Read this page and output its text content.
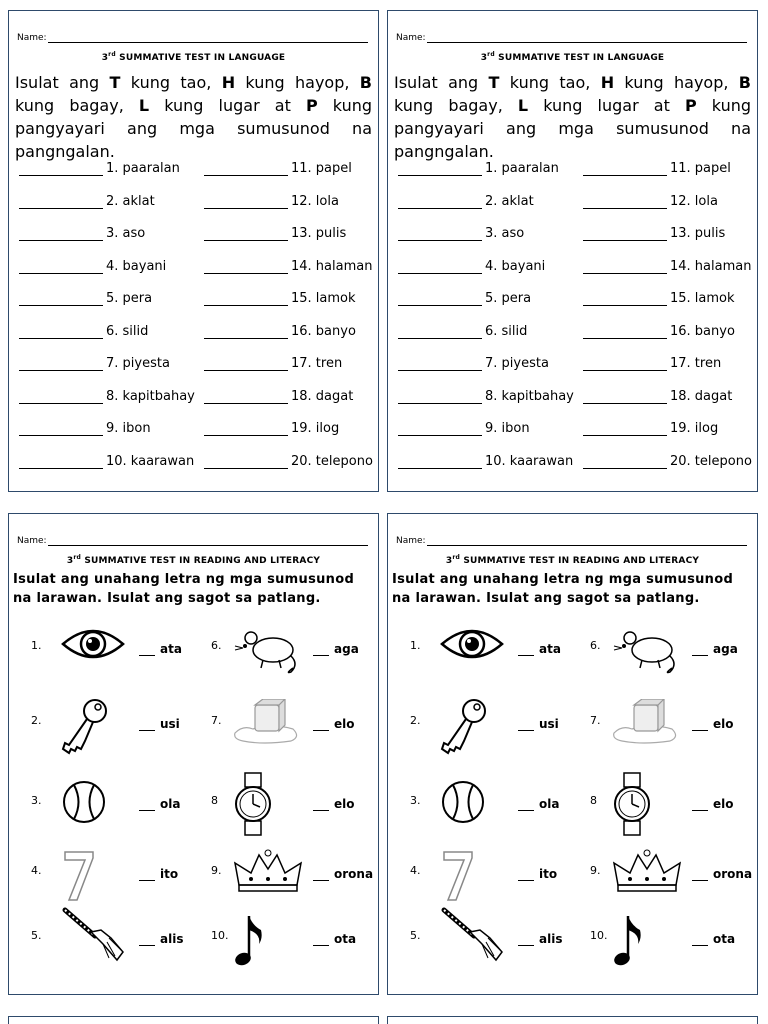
Name:
3rd SUMMATIVE TEST IN LANGUAGE
Isulat ang T kung tao, H kung hayop, B kung bagay, L kung lugar at P kung pangyayari ang mga sumusunod na pangngalan.
1. paaralan
2. aklat
3. aso
4. bayani
5. pera
6. silid
7. piyesta
8. kapitbahay
9. ibon
10. kaarawan
11. papel
12. lola
13. pulis
14. halaman
15. lamok
16. banyo
17. tren
18. dagat
19. ilog
20. telepono
Name:
3rd SUMMATIVE TEST IN LANGUAGE
Isulat ang T kung tao, H kung hayop, B kung bagay, L kung lugar at P kung pangyayari ang mga sumusunod na pangngalan.
1. paaralan
2. aklat
3. aso
4. bayani
5. pera
6. silid
7. piyesta
8. kapitbahay
9. ibon
10. kaarawan
11. papel
12. lola
13. pulis
14. halaman
15. lamok
16. banyo
17. tren
18. dagat
19. ilog
20. telepono
Name:
3rd SUMMATIVE TEST IN READING AND LITERACY
Isulat ang unahang letra ng mga sumusunod na larawan. Isulat ang sagot sa patlang.
1.	ata
2.	usi
3.	ola
4.	ito
5.	alis
6.	aga
7.	elo
8	elo
9.	orona
10.	ota
Name:
3rd SUMMATIVE TEST IN READING AND LITERACY
Isulat ang unahang letra ng mga sumusunod na larawan. Isulat ang sagot sa patlang.
1.	ata
2.	usi
3.	ola
4.	ito
5.	alis
6.	aga
7.	elo
8	elo
9.	orona
10.	ota
